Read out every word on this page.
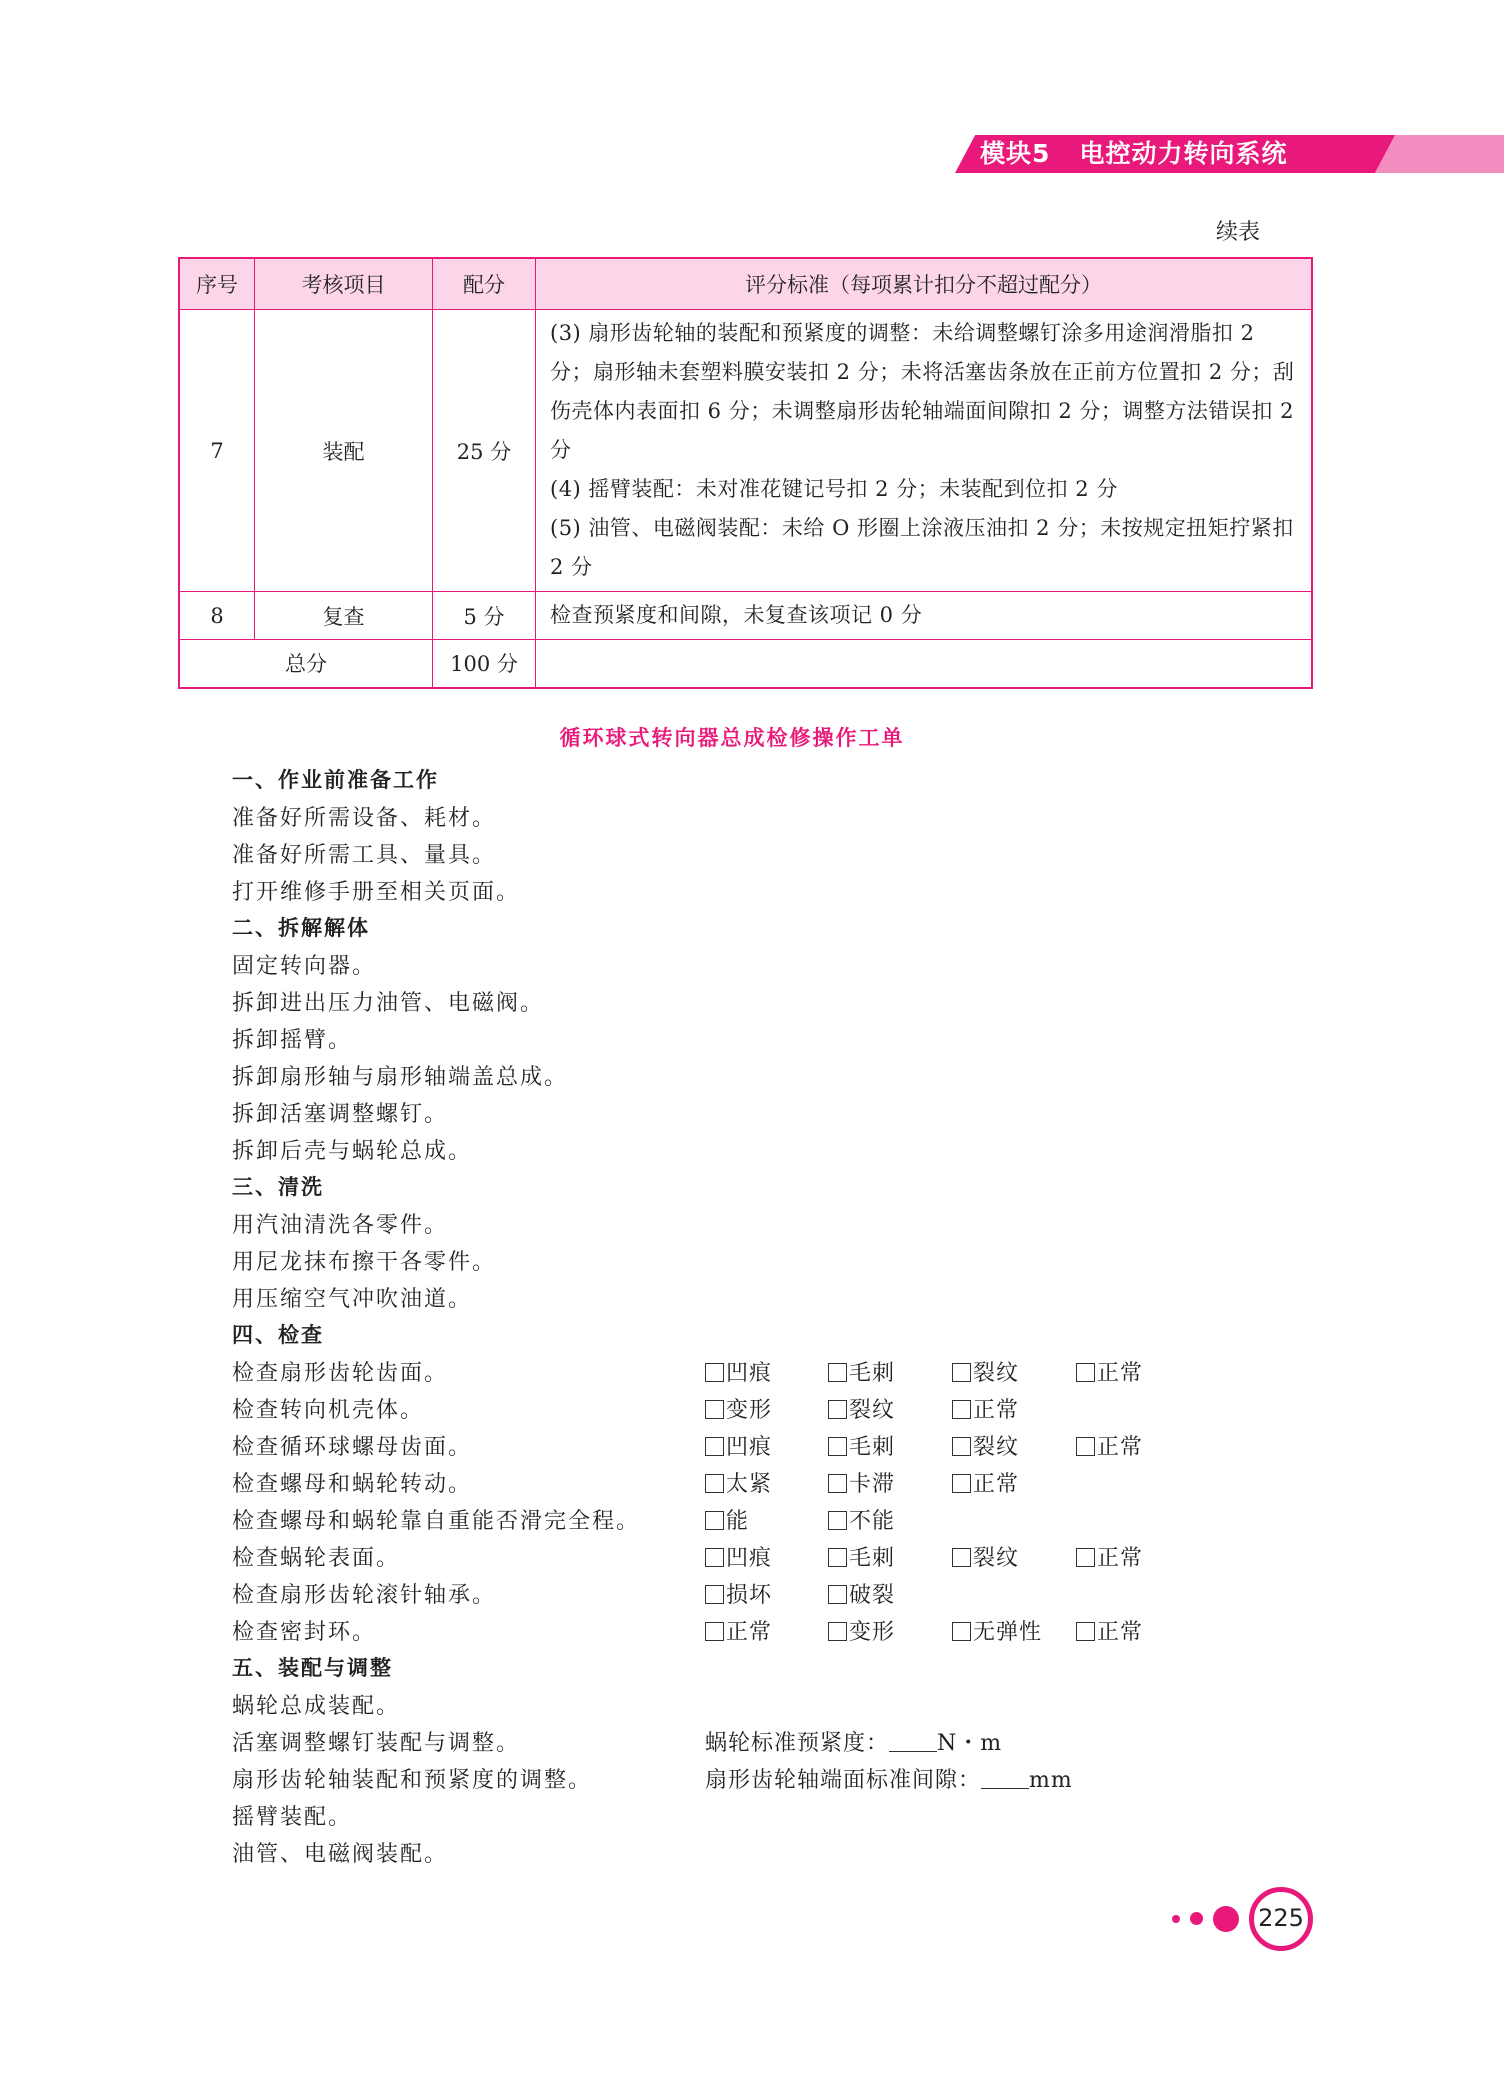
模块5 电控动力转向系统
续表
序号	考核项目	配分	评分标准（每项累计扣分不超过配分）
7	装配	25 分	(3) 扇形齿轮轴的装配和预紧度的调整：未给调整螺钉涂多用途润滑脂扣 2 分；扇形轴未套塑料膜安装扣 2 分；未将活塞齿条放在正前方位置扣 2 分；刮伤壳体内表面扣 6 分；未调整扇形齿轮轴端面间隙扣 2 分；调整方法错误扣 2 分
(4) 摇臂装配：未对准花键记号扣 2 分；未装配到位扣 2 分
(5) 油管、电磁阀装配：未给 O 形圈上涂液压油扣 2 分；未按规定扭矩拧紧扣 2 分

8	复查	5 分	检查预紧度和间隙，未复查该项记 0 分
总分		100 分	
循环球式转向器总成检修操作工单
一、作业前准备工作
准备好所需设备、耗材。
准备好所需工具、量具。
打开维修手册至相关页面。
二、拆解解体
固定转向器。
拆卸进出压力油管、电磁阀。
拆卸摇臂。
拆卸扇形轴与扇形轴端盖总成。
拆卸活塞调整螺钉。
拆卸后壳与蜗轮总成。
三、清洗
用汽油清洗各零件。
用尼龙抹布擦干各零件。
用压缩空气冲吹油道。
四、检查
检查扇形齿轮齿面。	凹痕	毛刺	裂纹	正常
检查转向机壳体。	变形	裂纹	正常
检查循环球螺母齿面。	凹痕	毛刺	裂纹	正常
检查螺母和蜗轮转动。	太紧	卡滞	正常
检查螺母和蜗轮靠自重能否滑完全程。	能	不能
检查蜗轮表面。	凹痕	毛刺	裂纹	正常
检查扇形齿轮滚针轴承。	损坏	破裂
检查密封环。	正常	变形	无弹性	正常
五、装配与调整
蜗轮总成装配。
活塞调整螺钉装配与调整。	蜗轮标准预紧度： N・m
扇形齿轮轴装配和预紧度的调整。	扇形齿轮轴端面标准间隙： mm
摇臂装配。
油管、电磁阀装配。
225
